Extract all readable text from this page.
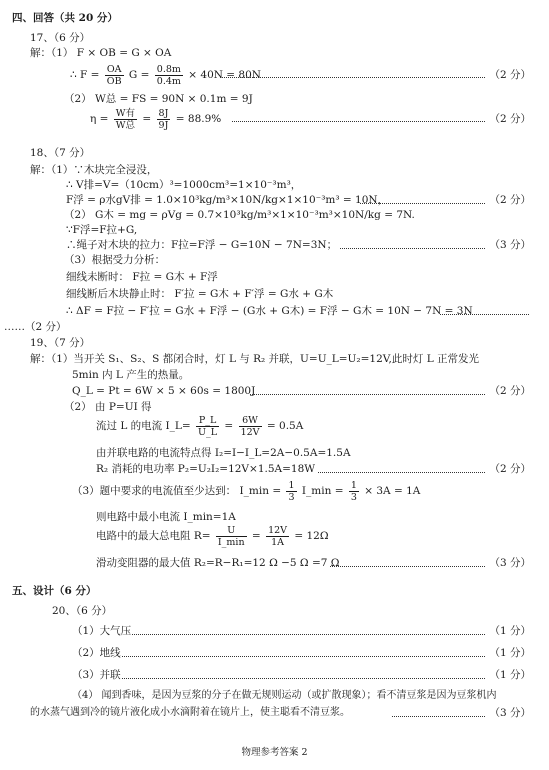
四、回答（共 20 分）
17、（6 分）
解：（1） F × OB = G × OA
∴ $F = \frac{OA}{OB}$ $G = \frac{0.8m}{0.4m} \times 40N = 80N$	（2 分）
（2） W总 = FS = 90N × 0.1m = 9J
$\eta = \frac{\text{W有}}{\text{W总}} = \frac{8J}{9J} = 88.9\%$	（2 分）
18、（7 分）
解：（1）∵木块完全浸没，
∴ V排=V=（10cm）³=1000cm³=1×10⁻³m³，
F浮 = ρ水gV排 = 1.0×10³kg/m³×10N/kg×1×10⁻³m³ = 10N，	（2 分）
（2） G木 = mg = ρVg = 0.7×10³kg/m³×1×10⁻³m³×10N/kg = 7N.
∵F浮=F拉+G,
∴绳子对木块的拉力：F拉=F浮 − G=10N − 7N=3N；	（3 分）
（3）根据受力分析：
细线未断时： F拉 = G木 + F浮
细线断后木块静止时： F′拉 = G木 + F′浮 = G水 + G木
∴ ΔF = F拉 − F′拉 = G水 + F浮 − (G水 + G木) = F浮 − G木 = 10N − 7N = 3N
……（2 分）
19、（7 分）
解：（1）当开关 S₁、S₂、S 都闭合时，灯 L 与 R₂ 并联，U=U_L=U₂=12V,此时灯 L 正常发光
5min 内 L 产生的热量。
Q_L = Pt = 6W × 5 × 60s = 1800J	（2 分）
（2） 由 P=UI 得
流过 L 的电流 I_L= $\frac{P\_L}{U\_L} = \frac{6W}{12V} = 0.5A$
由并联电路的电流特点得 I₂=I−I_L=2A−0.5A=1.5A
R₂ 消耗的电功率 P₂=U₂I₂=12V×1.5A=18W	（2 分）
（3）题中要求的电流值至少达到： I_min = $\frac{1}{3}$ I_min = $\frac{1}{3} \times 3A = 1A$
则电路中最小电流 I_min=1A
电路中的最大总电阻 $R= \frac{U}{I\_\min} = \frac{12V}{1A} = 12\Omega$
滑动变阻器的最大值 R₂=R−R₁=12 Ω −5 Ω =7 Ω	（3 分）
五、设计（6 分）
20、（6 分）
（1）大气压	（1 分）
（2）地线	（1 分）
（3）并联	（1 分）
（4） 闻到香味，是因为豆浆的分子在做无规则运动（或扩散现象）；看不清豆浆是因为豆浆机内
的水蒸气遇到冷的镜片液化成小水滴附着在镜片上，使主聪看不清豆浆。	（3 分）
物理参考答案 2
